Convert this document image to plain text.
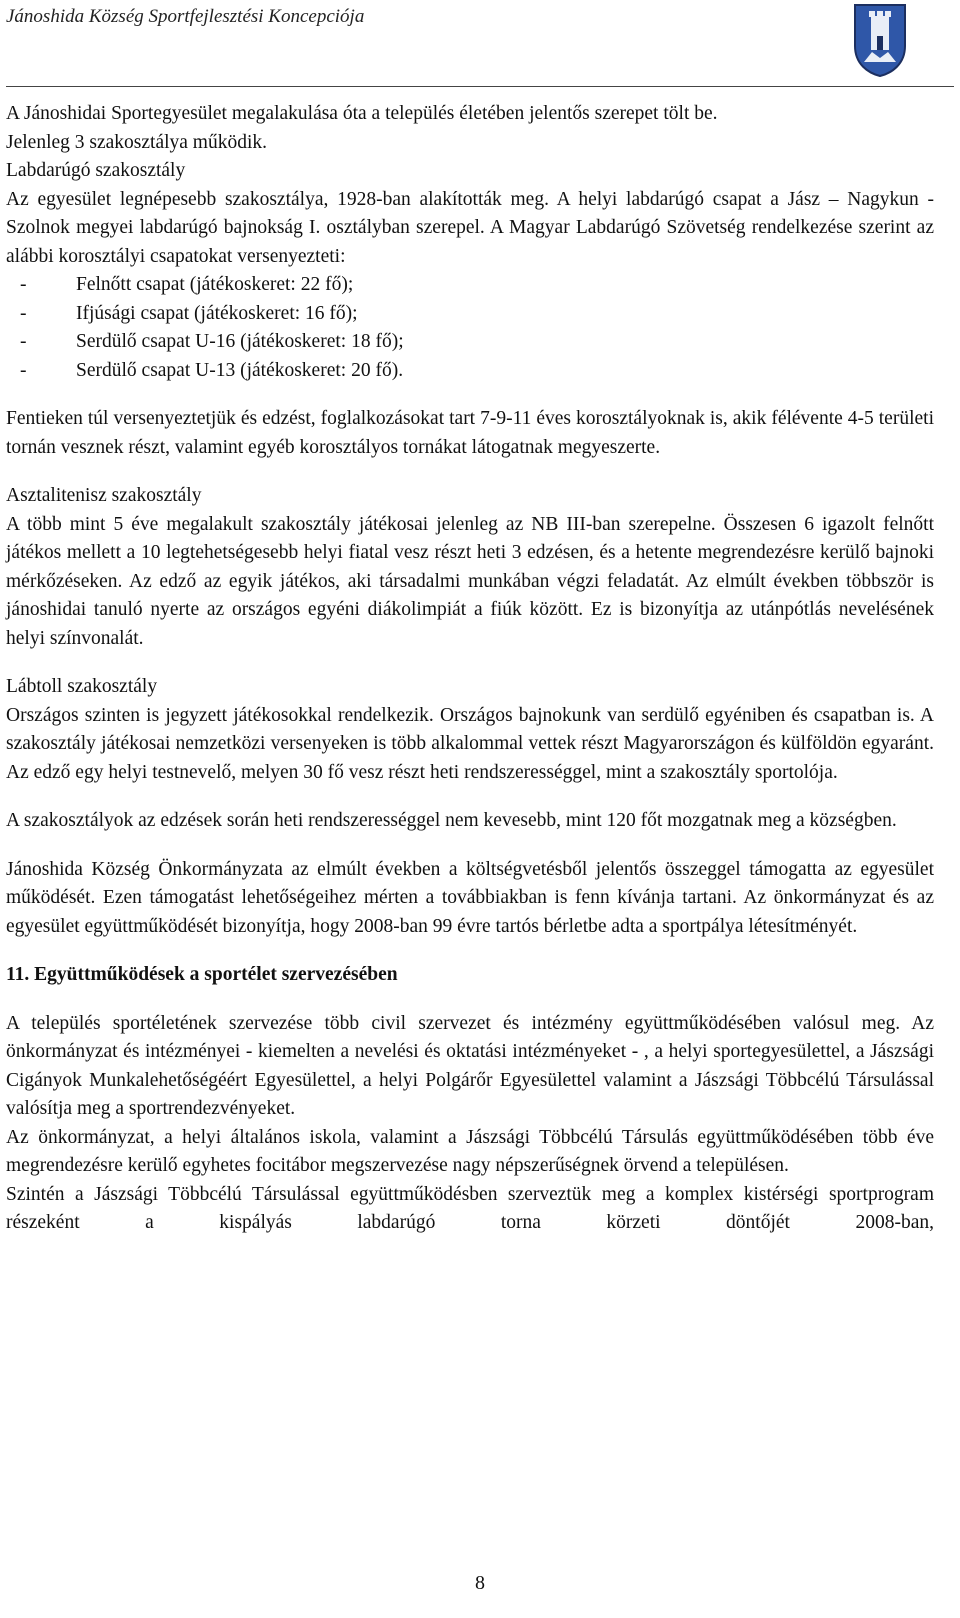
Jánoshida Község Sportfejlesztési Koncepciója

A Jánoshidai Sportegyesület megalakulása óta a település életében jelentős szerepet tölt be.

Jelenleg 3 szakosztálya működik.

Labdarúgó szakosztály

Az egyesület legnépesebb szakosztálya, 1928-ban alakították meg. A helyi labdarúgó csapat a Jász – Nagykun - Szolnok megyei labdarúgó bajnokság I. osztályban szerepel. A Magyar Labdarúgó Szövetség rendelkezése szerint az alábbi korosztályi csapatokat versenyezteti:

-	Felnőtt csapat (játékoskeret: 22 fő);
-	Ifjúsági csapat (játékoskeret: 16 fő);
-	Serdülő csapat U-16 (játékoskeret: 18 fő);
-	Serdülő csapat U-13 (játékoskeret: 20 fő).

Fentieken túl versenyeztetjük és edzést, foglalkozásokat tart 7-9-11 éves korosztályoknak is, akik félévente 4-5 területi tornán vesznek részt, valamint egyéb korosztályos tornákat látogatnak megyeszerte.

Asztalitenisz szakosztály

A több mint 5 éve megalakult szakosztály játékosai jelenleg az NB III-ban szerepelne. Összesen 6 igazolt felnőtt játékos mellett a 10 legtehetségesebb helyi fiatal vesz részt heti 3 edzésen, és a hetente megrendezésre kerülő bajnoki mérkőzéseken. Az edző az egyik játékos, aki társadalmi munkában végzi feladatát. Az elmúlt években többször is jánoshidai tanuló nyerte az országos egyéni diákolimpiát a fiúk között. Ez is bizonyítja az utánpótlás nevelésének helyi színvonalát.

Lábtoll szakosztály

Országos szinten is jegyzett játékosokkal rendelkezik. Országos bajnokunk van serdülő egyéniben és csapatban is. A szakosztály játékosai nemzetközi versenyeken is több alkalommal vettek részt Magyarországon és külföldön egyaránt. Az edző egy helyi testnevelő, melyen 30 fő vesz részt heti rendszerességgel, mint a szakosztály sportolója.

A szakosztályok az edzések során heti rendszerességgel nem kevesebb, mint 120 főt mozgatnak meg a községben.

Jánoshida Község Önkormányzata az elmúlt években a költségvetésből jelentős összeggel támogatta az egyesület működését. Ezen támogatást lehetőségeihez mérten a továbbiakban is fenn kívánja tartani. Az önkormányzat és az egyesület együttműködését bizonyítja, hogy 2008-ban 99 évre tartós bérletbe adta a sportpálya létesítményét.

11. Együttműködések a sportélet szervezésében

A település sportéletének szervezése több civil szervezet és intézmény együttműködésében valósul meg. Az önkormányzat és intézményei - kiemelten a nevelési és oktatási intézményeket - , a helyi sportegyesülettel, a Jászsági Cigányok Munkalehetőségéért Egyesülettel, a helyi Polgárőr Egyesülettel valamint a Jászsági Többcélú Társulással valósítja meg a sportrendezvényeket.

Az önkormányzat, a helyi általános iskola, valamint a Jászsági Többcélú Társulás együttműködésében több éve megrendezésre kerülő egyhetes focitábor megszervezése nagy népszerűségnek örvend a településen.

Szintén a Jászsági Többcélú Társulással együttműködésben szerveztük meg a komplex kistérségi sportprogram részeként a kispályás labdarúgó torna körzeti döntőjét 2008-ban,

8
